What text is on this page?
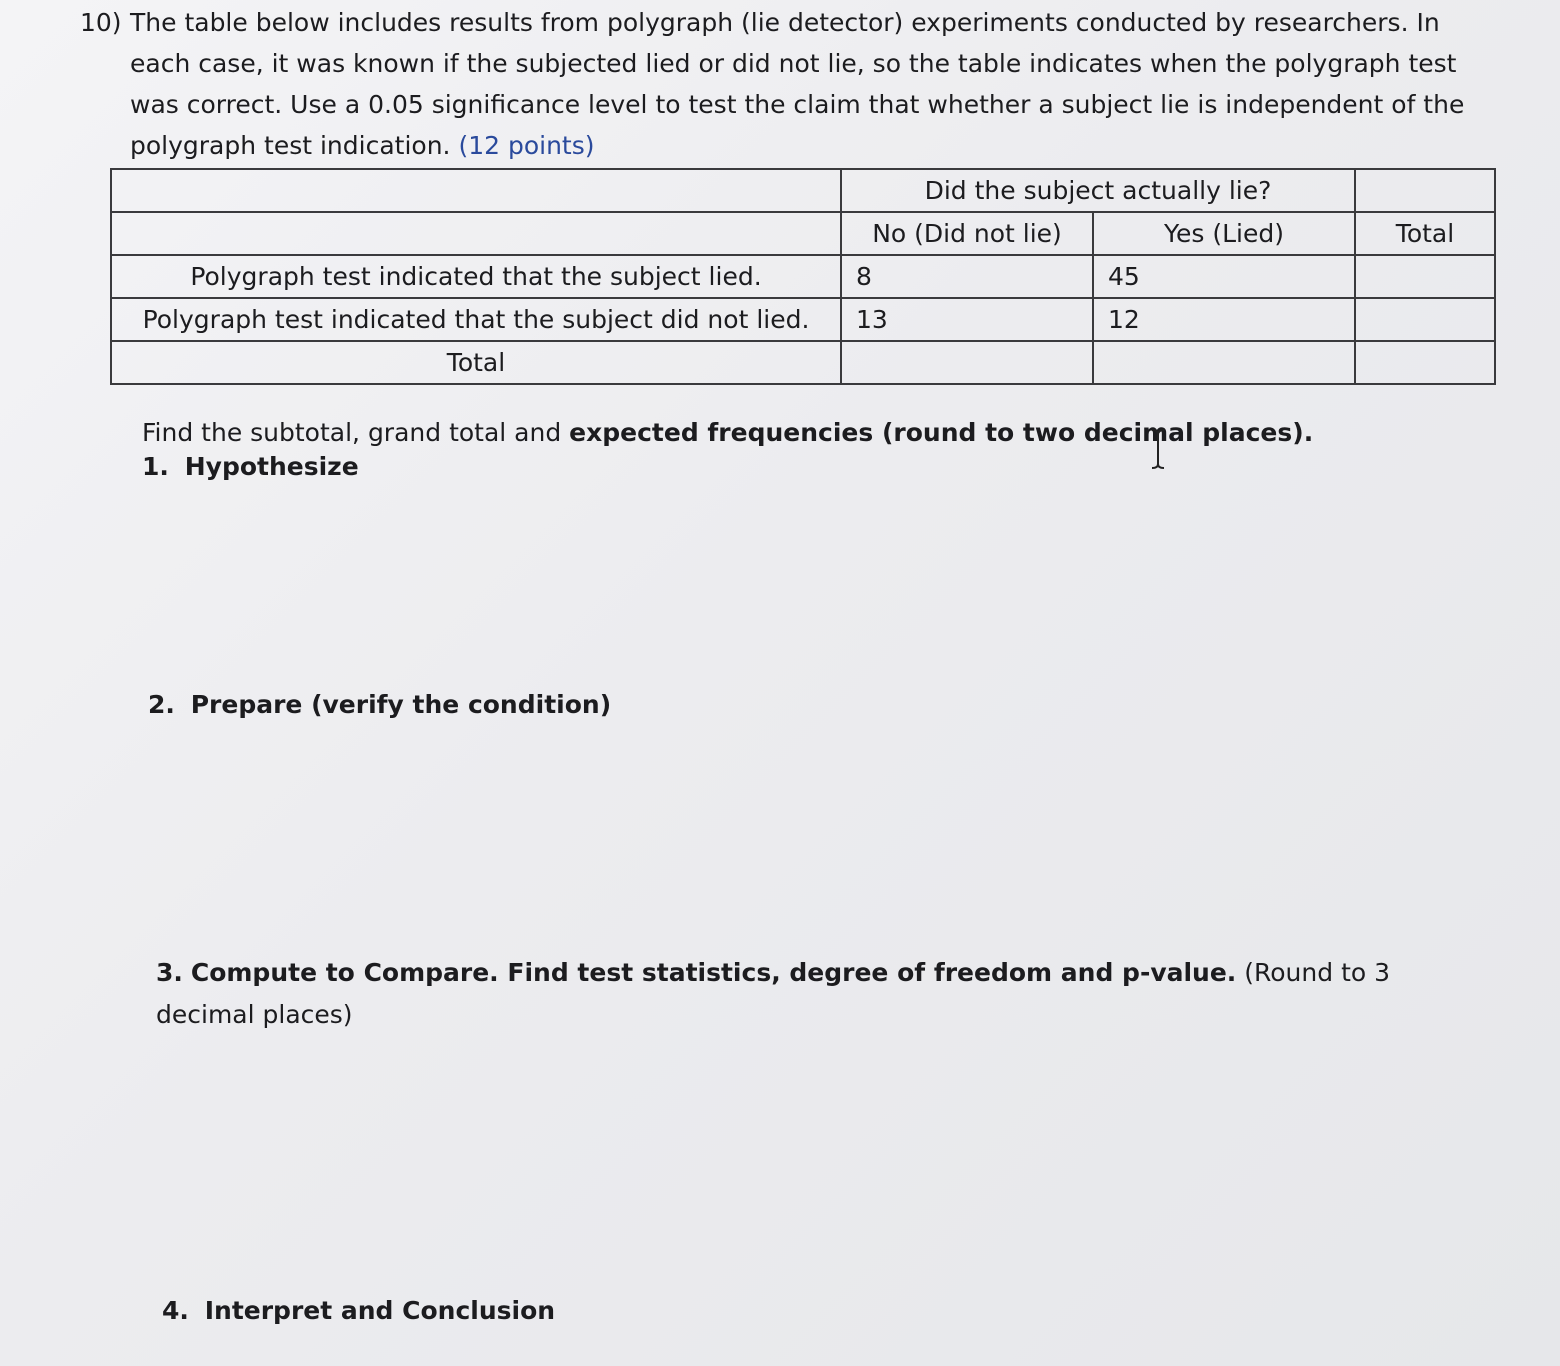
10) The table below includes results from polygraph (lie detector) experiments conducted by researchers. In each case, it was known if the subjected lied or did not lie, so the table indicates when the polygraph test was correct. Use a 0.05 significance level to test the claim that whether a subject lie is independent of the polygraph test indication. (12 points)
	Did the subject actually lie?		
	No (Did not lie)	Yes (Lied)	Total
Polygraph test indicated that the subject lied.	8	45	
Polygraph test indicated that the subject did not lied.	13	12	
Total			
Find the subtotal, grand total and expected frequencies (round to two decimal places).
1. Hypothesize
2. Prepare (verify the condition)
3. Compute to Compare. Find test statistics, degree of freedom and p-value. (Round to 3 decimal places)
4. Interpret and Conclusion
